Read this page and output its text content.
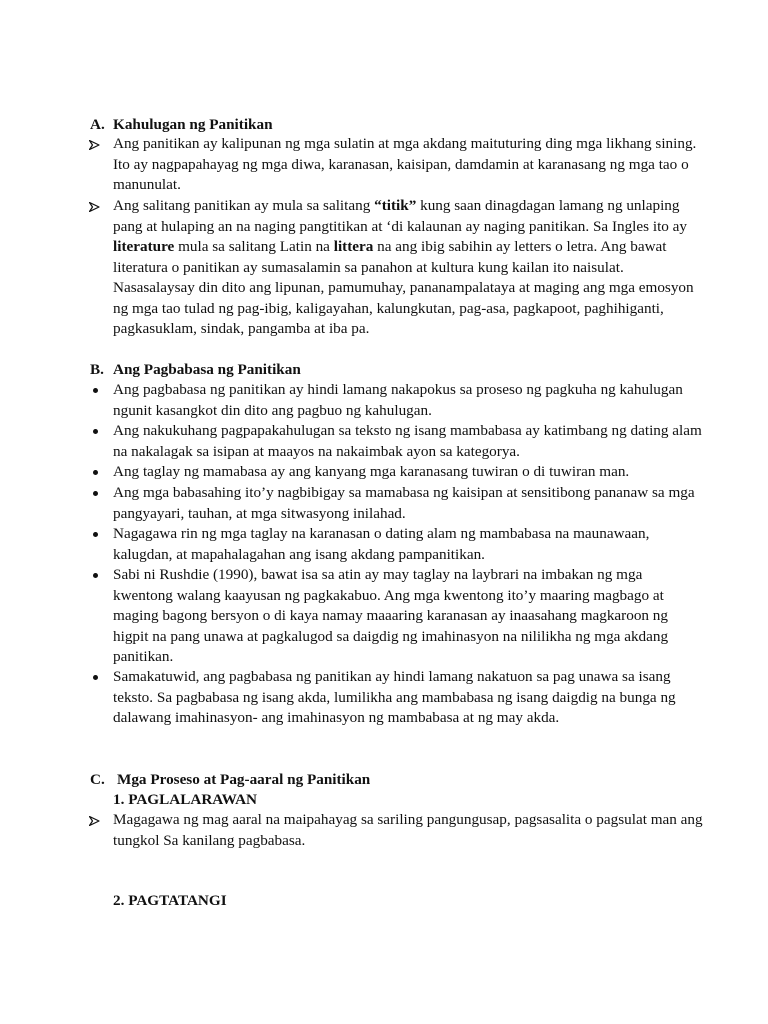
A. Kahulugan ng Panitikan
Ang panitikan ay kalipunan ng mga sulatin at mga akdang maituturing ding mga likhang sining. Ito ay nagpapahayag ng mga diwa, karanasan, kaisipan, damdamin at karanasang ng mga tao o manunulat.
Ang salitang panitikan ay mula sa salitang “titik” kung saan dinagdagan lamang ng unlaping pang at hulaping an na naging pangtitikan at ‘di kalaunan ay naging panitikan. Sa Ingles ito ay literature mula sa salitang Latin na littera na ang ibig sabihin ay letters o letra. Ang bawat literatura o panitikan ay sumasalamin sa panahon at kultura kung kailan ito naisulat. Nasasalaysay din dito ang lipunan, pamumuhay, pananampalataya at maging ang mga emosyon ng mga tao tulad ng pag-ibig, kaligayahan, kalungkutan, pag-asa, pagkapoot, paghihiganti, pagkasuklam, sindak, pangamba at iba pa.
B. Ang Pagbabasa ng Panitikan
Ang pagbabasa ng panitikan ay hindi lamang nakapokus sa proseso ng pagkuha ng kahulugan ngunit kasangkot din dito ang pagbuo ng kahulugan.
Ang nakukuhang pagpapakahulugan sa teksto ng isang mambabasa ay katimbang ng dating alam na nakalagak sa isipan at maayos na nakaimbak ayon sa kategorya.
Ang taglay ng mamabasa ay ang kanyang mga karanasang tuwiran o di tuwiran man.
Ang mga babasahing ito’y nagbibigay sa mamabasa ng kaisipan at sensitibong pananaw sa mga pangyayari, tauhan, at mga sitwasyong inilahad.
Nagagawa rin ng mga taglay na karanasan o dating alam ng mambabasa na maunawaan, kalugdan, at mapahalagahan ang isang akdang pampanitikan.
Sabi ni Rushdie (1990), bawat isa sa atin ay may taglay na laybrari na imbakan ng mga kwentong walang kaayusan ng pagkakabuo. Ang mga kwentong ito’y maaring magbago at maging bagong bersyon o di kaya namay maaaring karanasan ay inaasahang magkaroon ng higpit na pang unawa at pagkalugod sa daigdig ng imahinasyon na nililikha ng mga akdang panitikan.
Samakatuwid, ang pagbabasa ng panitikan ay hindi lamang nakatuon sa pag unawa sa isang teksto. Sa pagbabasa ng isang akda, lumilikha ang mambabasa ng isang daigdig na bunga ng dalawang imahinasyon- ang imahinasyon ng mambabasa at ng may akda.
C. Mga Proseso at Pag-aaral ng Panitikan
1. PAGLALARAWAN
Magagawa ng mag aaral na maipahayag sa sariling pangungusap, pagsasalita o pagsulat man ang tungkol Sa kanilang pagbabasa.
2. PAGTATANGI
